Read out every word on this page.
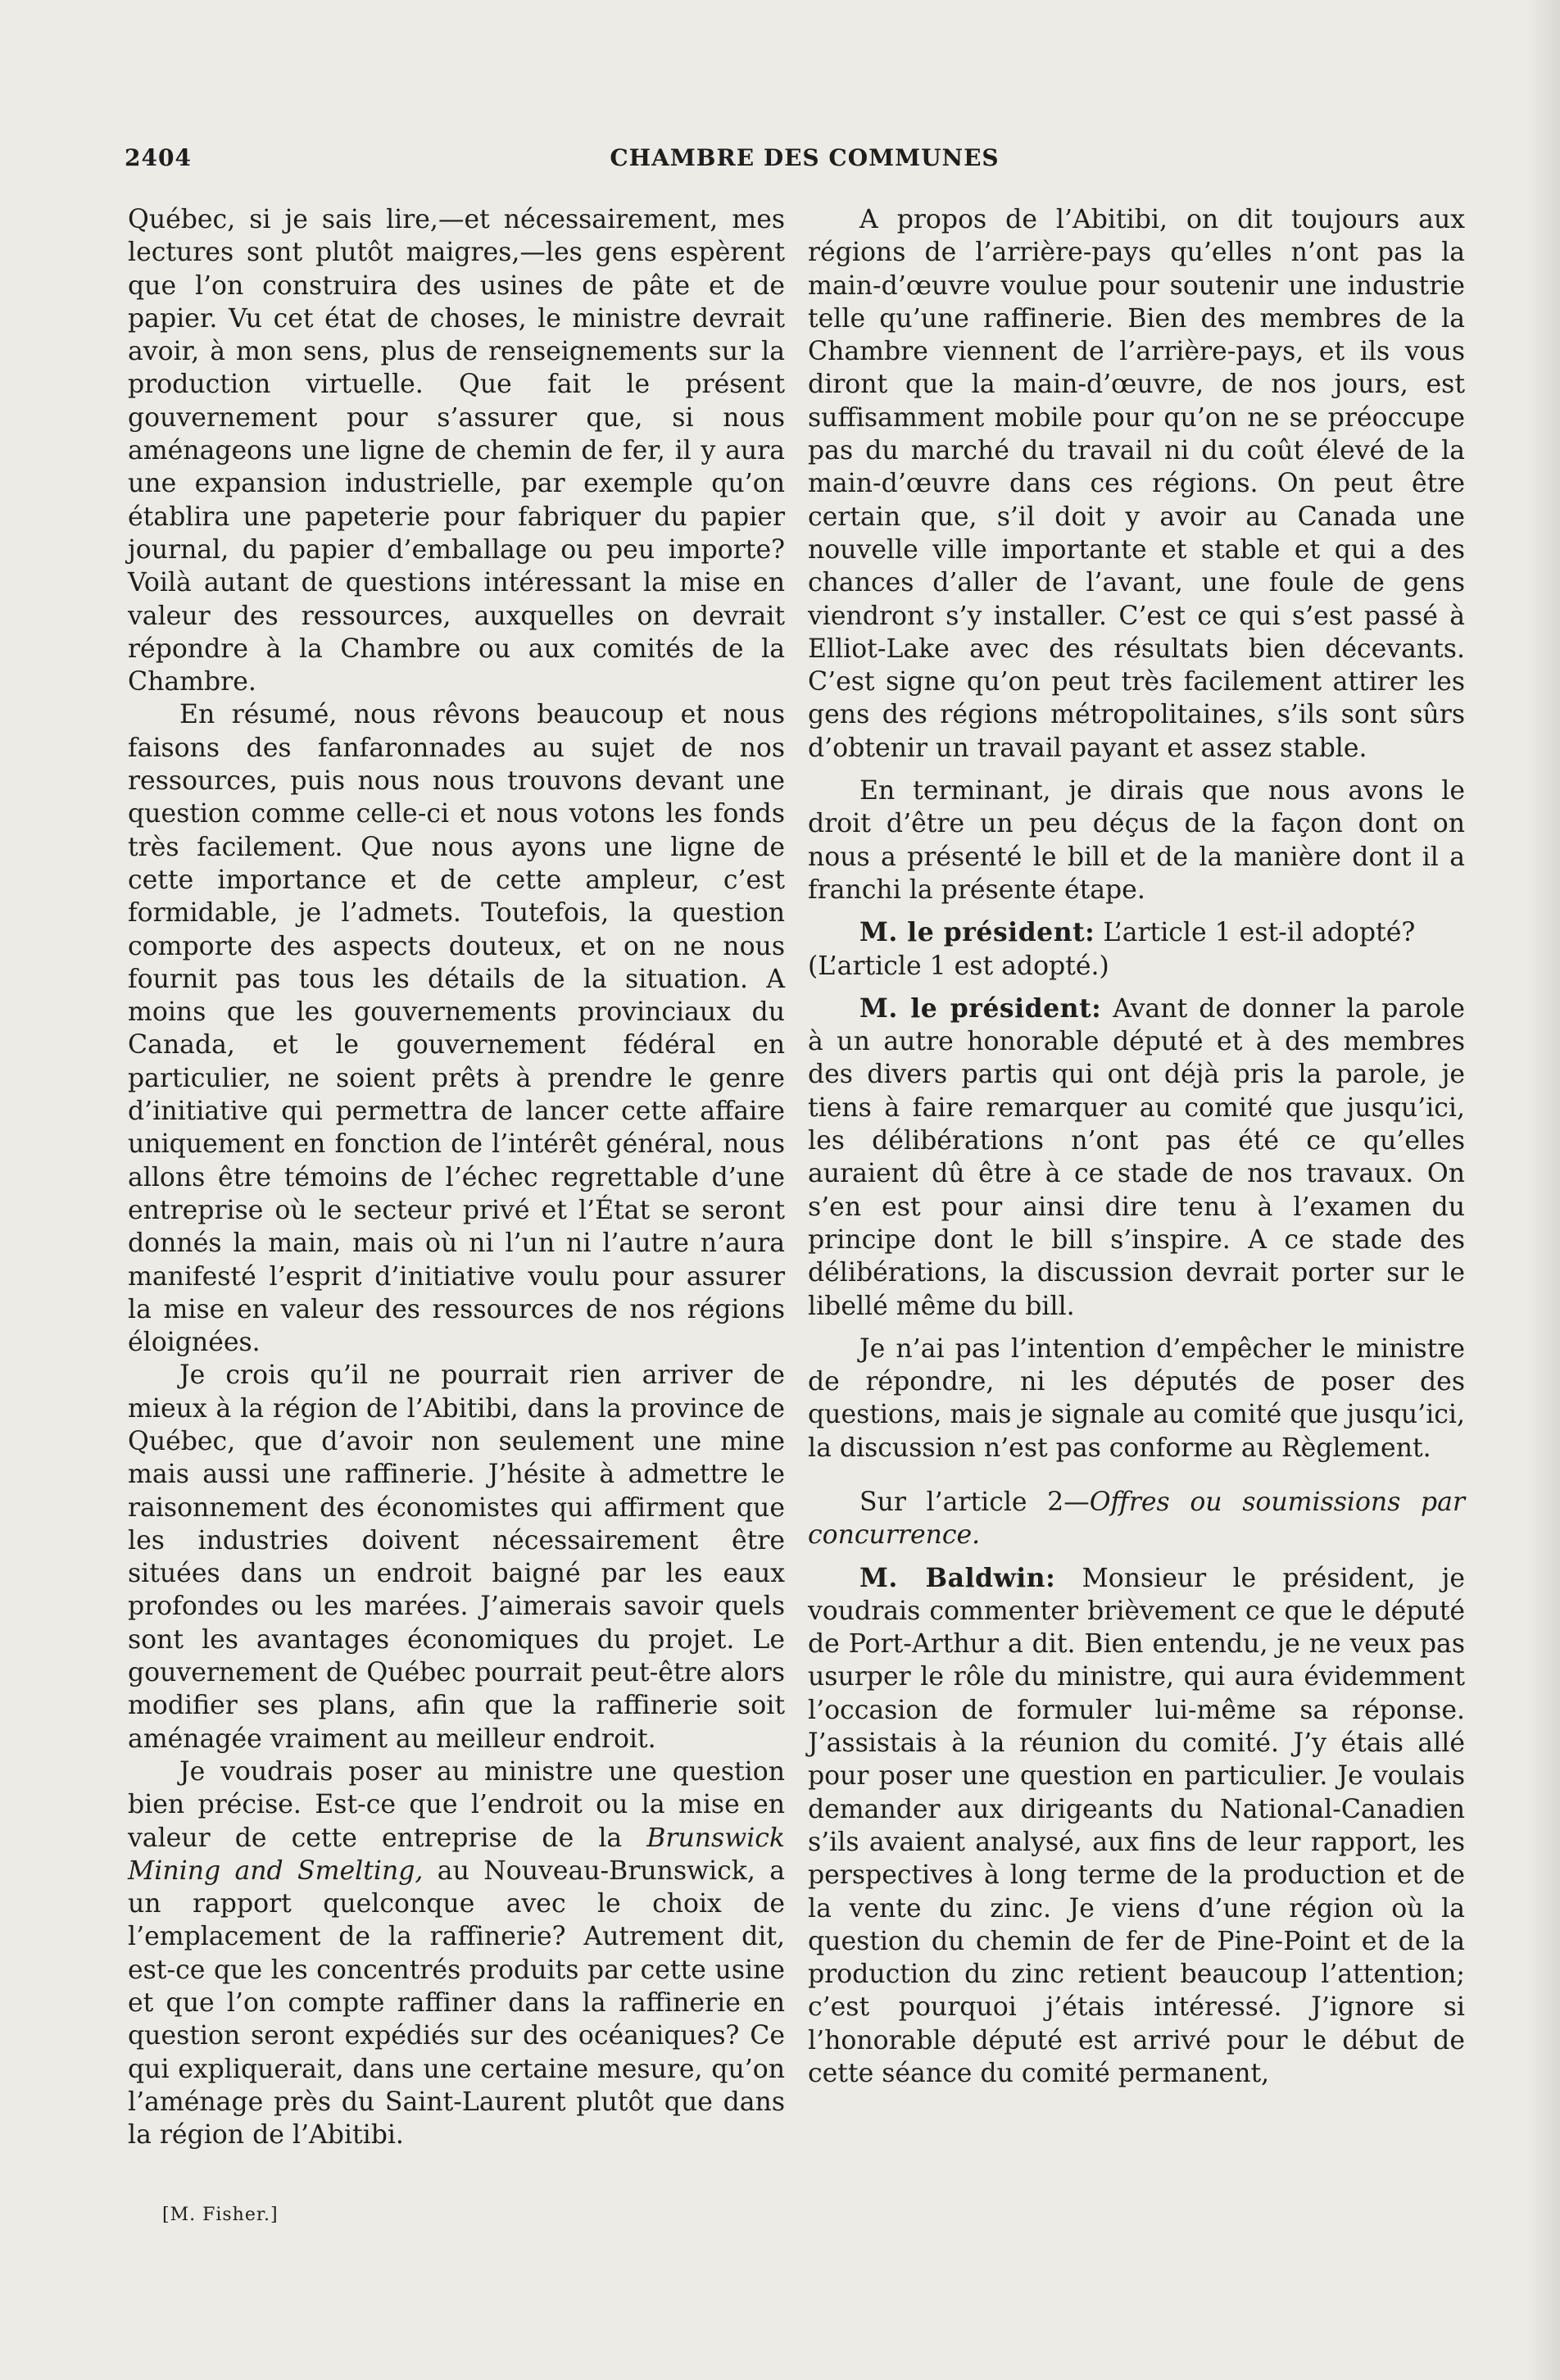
2404	CHAMBRE DES COMMUNES

Québec, si je sais lire,—et nécessairement, mes lectures sont plutôt maigres,—les gens espèrent que l’on construira des usines de pâte et de papier. Vu cet état de choses, le ministre devrait avoir, à mon sens, plus de renseignements sur la production virtuelle. Que fait le présent gouvernement pour s’assurer que, si nous aménageons une ligne de chemin de fer, il y aura une expansion industrielle, par exemple qu’on établira une papeterie pour fabriquer du papier journal, du papier d’emballage ou peu importe? Voilà autant de questions intéressant la mise en valeur des ressources, auxquelles on devrait répondre à la Chambre ou aux comités de la Chambre.

En résumé, nous rêvons beaucoup et nous faisons des fanfaronnades au sujet de nos ressources, puis nous nous trouvons devant une question comme celle-ci et nous votons les fonds très facilement. Que nous ayons une ligne de cette importance et de cette ampleur, c’est formidable, je l’admets. Toutefois, la question comporte des aspects douteux, et on ne nous fournit pas tous les détails de la situation. A moins que les gouvernements provinciaux du Canada, et le gouvernement fédéral en particulier, ne soient prêts à prendre le genre d’initiative qui permettra de lancer cette affaire uniquement en fonction de l’intérêt général, nous allons être témoins de l’échec regrettable d’une entreprise où le secteur privé et l’État se seront donnés la main, mais où ni l’un ni l’autre n’aura manifesté l’esprit d’initiative voulu pour assurer la mise en valeur des ressources de nos régions éloignées.

Je crois qu’il ne pourrait rien arriver de mieux à la région de l’Abitibi, dans la province de Québec, que d’avoir non seulement une mine mais aussi une raffinerie. J’hésite à admettre le raisonnement des économistes qui affirment que les industries doivent nécessairement être situées dans un endroit baigné par les eaux profondes ou les marées. J’aimerais savoir quels sont les avantages économiques du projet. Le gouvernement de Québec pourrait peut-être alors modifier ses plans, afin que la raffinerie soit aménagée vraiment au meilleur endroit.

Je voudrais poser au ministre une question bien précise. Est-ce que l’endroit ou la mise en valeur de cette entreprise de la Brunswick Mining and Smelting, au Nouveau-Brunswick, a un rapport quelconque avec le choix de l’emplacement de la raffinerie? Autrement dit, est-ce que les concentrés produits par cette usine et que l’on compte raffiner dans la raffinerie en question seront expédiés sur des océaniques? Ce qui expliquerait, dans une certaine mesure, qu’on l’aménage près du Saint-Laurent plutôt que dans la région de l’Abitibi.

[M. Fisher.]

A propos de l’Abitibi, on dit toujours aux régions de l’arrière-pays qu’elles n’ont pas la main-d’œuvre voulue pour soutenir une industrie telle qu’une raffinerie. Bien des membres de la Chambre viennent de l’arrière-pays, et ils vous diront que la main-d’œuvre, de nos jours, est suffisamment mobile pour qu’on ne se préoccupe pas du marché du travail ni du coût élevé de la main-d’œuvre dans ces régions. On peut être certain que, s’il doit y avoir au Canada une nouvelle ville importante et stable et qui a des chances d’aller de l’avant, une foule de gens viendront s’y installer. C’est ce qui s’est passé à Elliot-Lake avec des résultats bien décevants. C’est signe qu’on peut très facilement attirer les gens des régions métropolitaines, s’ils sont sûrs d’obtenir un travail payant et assez stable.

En terminant, je dirais que nous avons le droit d’être un peu déçus de la façon dont on nous a présenté le bill et de la manière dont il a franchi la présente étape.

M. le président: L’article 1 est-il adopté?

(L’article 1 est adopté.)

M. le président: Avant de donner la parole à un autre honorable député et à des membres des divers partis qui ont déjà pris la parole, je tiens à faire remarquer au comité que jusqu’ici, les délibérations n’ont pas été ce qu’elles auraient dû être à ce stade de nos travaux. On s’en est pour ainsi dire tenu à l’examen du principe dont le bill s’inspire. A ce stade des délibérations, la discussion devrait porter sur le libellé même du bill.

Je n’ai pas l’intention d’empêcher le ministre de répondre, ni les députés de poser des questions, mais je signale au comité que jusqu’ici, la discussion n’est pas conforme au Règlement.

Sur l’article 2—Offres ou soumissions par concurrence.

M. Baldwin: Monsieur le président, je voudrais commenter brièvement ce que le député de Port-Arthur a dit. Bien entendu, je ne veux pas usurper le rôle du ministre, qui aura évidemment l’occasion de formuler lui-même sa réponse. J’assistais à la réunion du comité. J’y étais allé pour poser une question en particulier. Je voulais demander aux dirigeants du National-Canadien s’ils avaient analysé, aux fins de leur rapport, les perspectives à long terme de la production et de la vente du zinc. Je viens d’une région où la question du chemin de fer de Pine-Point et de la production du zinc retient beaucoup l’attention; c’est pourquoi j’étais intéressé. J’ignore si l’honorable député est arrivé pour le début de cette séance du comité permanent,
